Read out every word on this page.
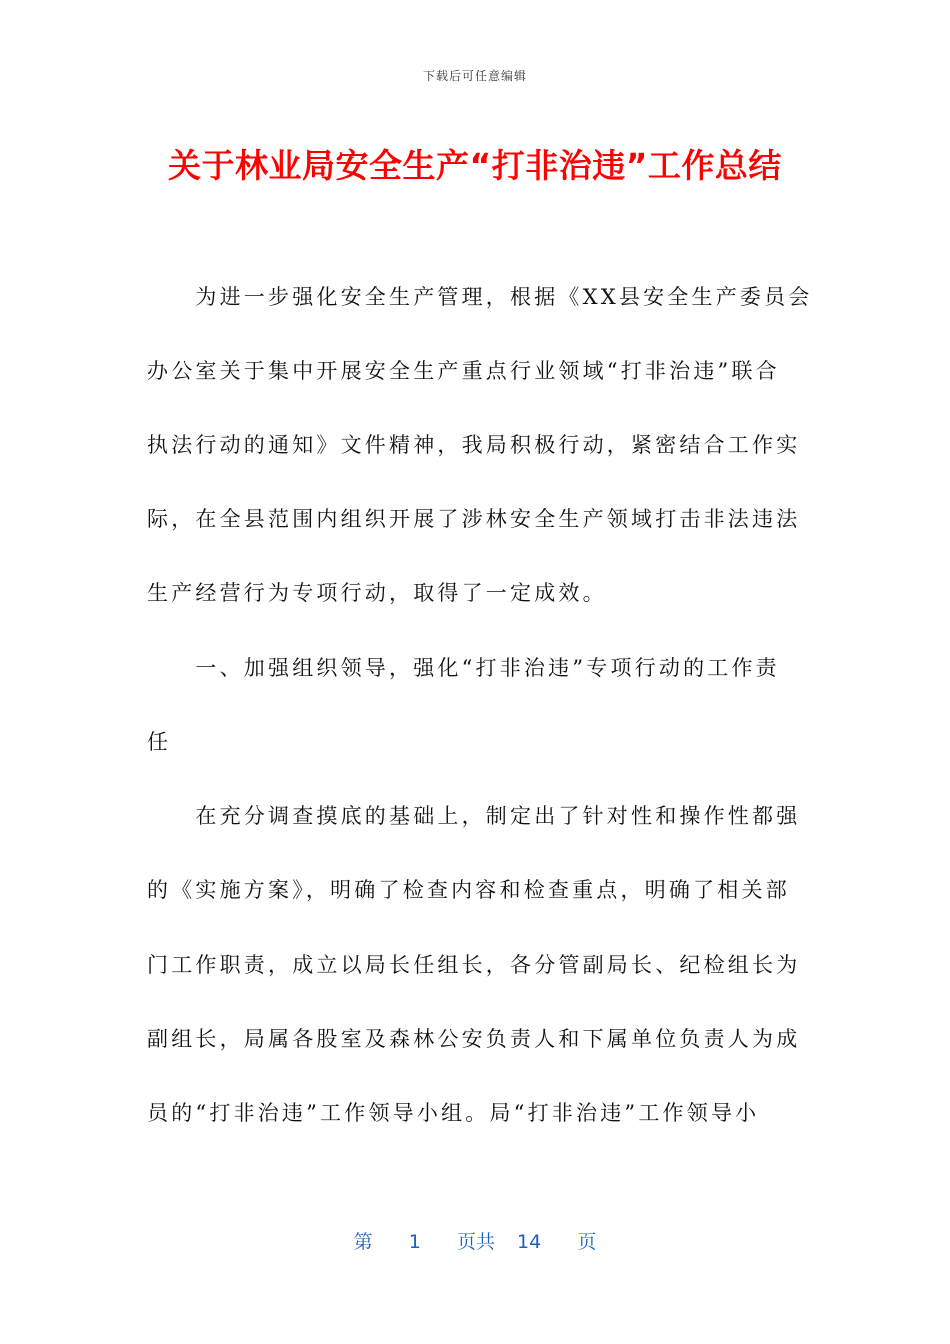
下载后可任意编辑
关于林业局安全生产“打非治违”工作总结
　　为进一步强化安全生产管理，根据《XX县安全生产委员会
办公室关于集中开展安全生产重点行业领域“打非治违”联合
执法行动的通知》文件精神，我局积极行动，紧密结合工作实
际，在全县范围内组织开展了涉林安全生产领域打击非法违法
生产经营行为专项行动，取得了一定成效。
　　一、加强组织领导，强化“打非治违”专项行动的工作责
任
　　在充分调查摸底的基础上，制定出了针对性和操作性都强
的《实施方案》，明确了检查内容和检查重点，明确了相关部
门工作职责，成立以局长任组长，各分管副局长、纪检组长为
副组长，局属各股室及森林公安负责人和下属单位负责人为成
员的“打非治违”工作领导小组。局“打非治违”工作领导小
第 1 页共 14 页
